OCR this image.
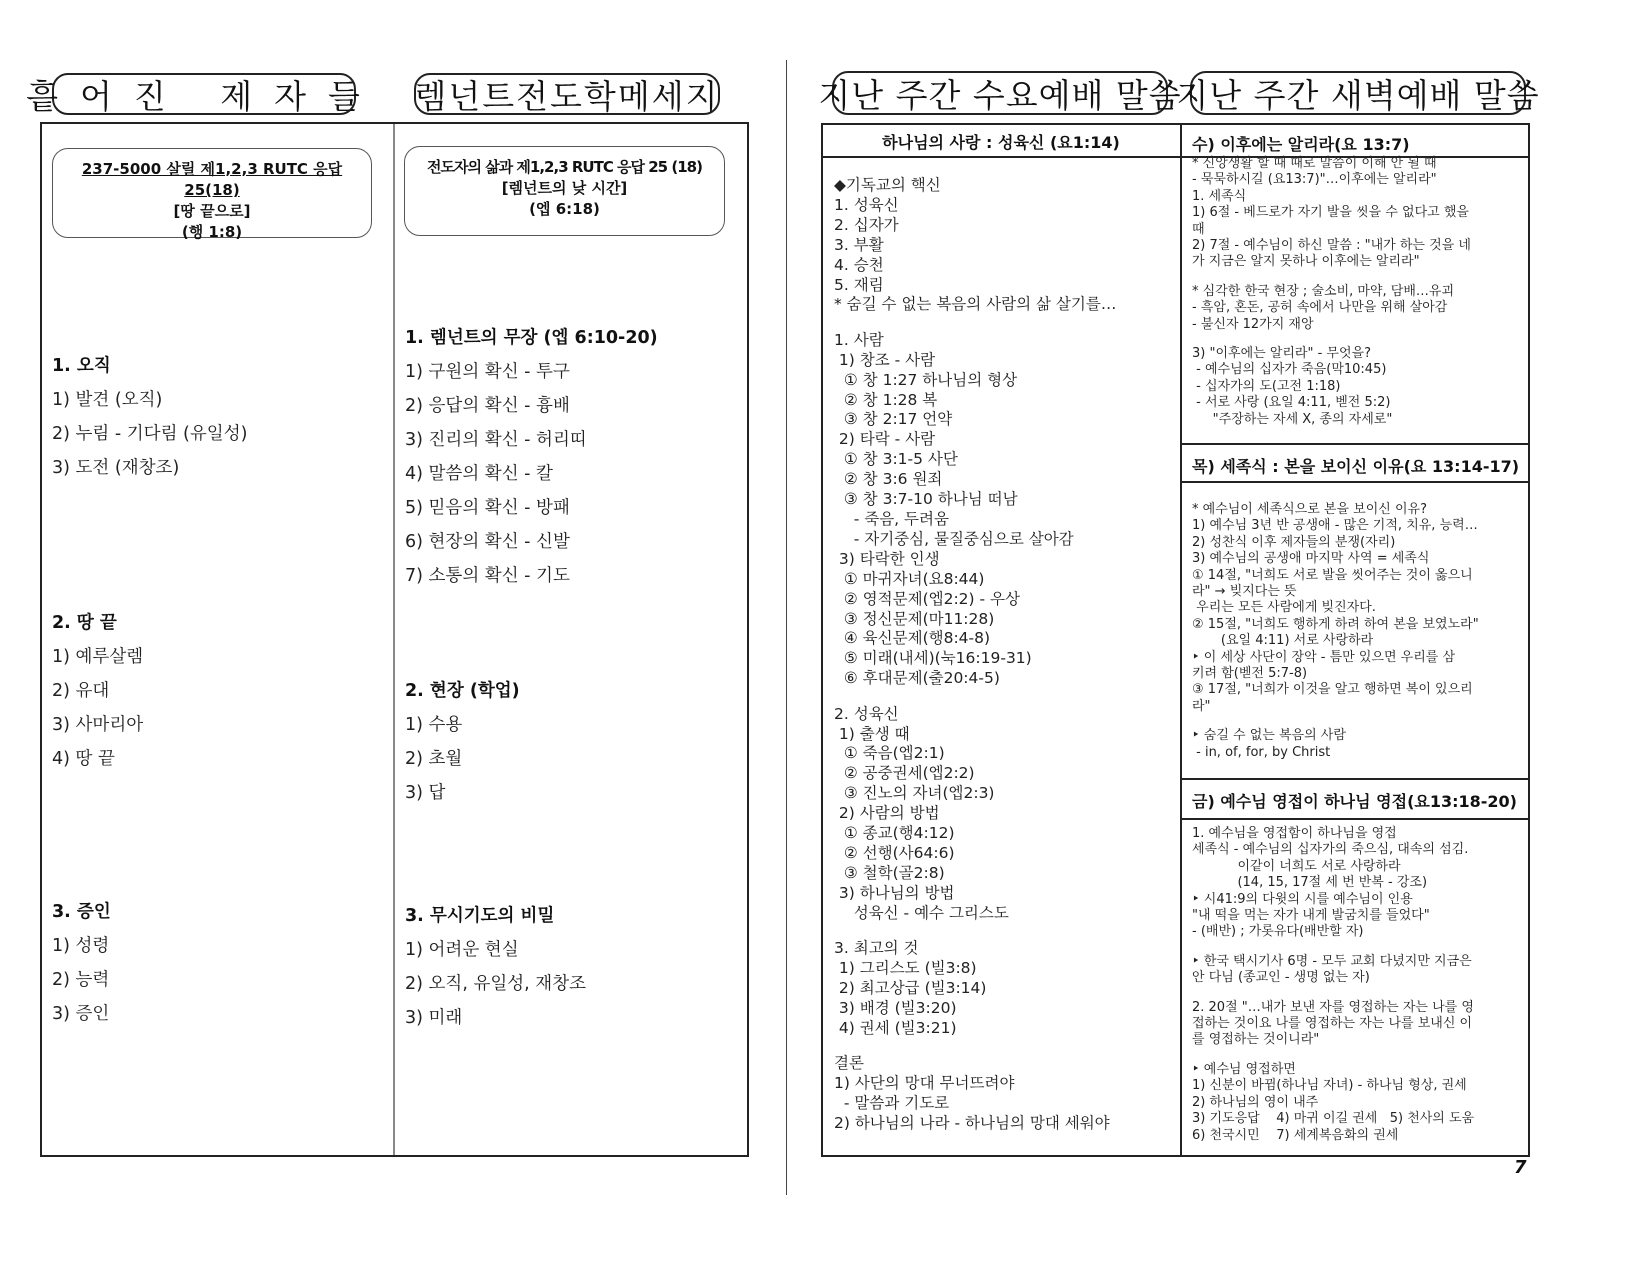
흩어진 제자들 렘넌트전도학메세지
237-5000 살릴 제1,2,3 RUTC 응답 25(18)
[땅 끝으로]
(행 1:8)
1. 오직
1) 발견 (오직)
2) 누림 - 기다림 (유일성)
3) 도전 (재창조)
2. 땅 끝
1) 예루살렘
2) 유대
3) 사마리아
4) 땅 끝
3. 증인
1) 성령
2) 능력
3) 증인
전도자의 삶과 제1,2,3 RUTC 응답 25 (18)
[렘넌트의 낮 시간]
(엡 6:18)
1. 렘넌트의 무장 (엡 6:10-20)
1) 구원의 확신 - 투구
2) 응답의 확신 - 흉배
3) 진리의 확신 - 허리띠
4) 말씀의 확신 - 칼
5) 믿음의 확신 - 방패
6) 현장의 확신 - 신발
7) 소통의 확신 - 기도
2. 현장 (학업)
1) 수용
2) 초월
3) 답
3. 무시기도의 비밀
1) 어려운 현실
2) 오직, 유일성, 재창조
3) 미래
지난 주간 수요예배 말씀
지난 주간 새벽예배 말씀
하나님의 사랑 : 성육신 (요1:14)
◆기독교의 핵신
1. 성육신
2. 십자가
3. 부활
4. 승천
5. 재림
* 숨길 수 없는 복음의 사람의 삶 살기를…
1. 사람
1) 창조 - 사람
① 창 1:27 하나님의 형상
② 창 1:28 복
③ 창 2:17 언약
2) 타락 - 사람
① 창 3:1-5 사단
② 창 3:6 원죄
③ 창 3:7-10 하나님 떠남
- 죽음, 두려움
- 자기중심, 물질중심으로 살아감
3) 타락한 인생
① 마귀자녀(요8:44)
② 영적문제(엡2:2) - 우상
③ 정신문제(마11:28)
④ 육신문제(행8:4-8)
⑤ 미래(내세)(눅16:19-31)
⑥ 후대문제(출20:4-5)
2. 성육신
1) 출생 때
① 죽음(엡2:1)
② 공중권세(엡2:2)
③ 진노의 자녀(엡2:3)
2) 사람의 방법
① 종교(행4:12)
② 선행(사64:6)
③ 철학(골2:8)
3) 하나님의 방법
성육신 - 예수 그리스도
3. 최고의 것
1) 그리스도 (빌3:8)
2) 최고상급 (빌3:14)
3) 배경 (빌3:20)
4) 권세 (빌3:21)
결론
1) 사단의 망대 무너뜨려야
- 말씀과 기도로
2) 하나님의 나라 - 하나님의 망대 세워야
수) 이후에는 알리라(요 13:7)
* 신앙생활 할 때 때로 말씀이 이해 안 될 때
- 묵묵하시길 (요13:7)"…이후에는 알리라"
1. 세족식
1) 6절 - 베드로가 자기 발을 씻을 수 없다고 했을
때
2) 7절 - 예수님이 하신 말씀 : "내가 하는 것을 네
가 지금은 알지 못하나 이후에는 알리라"
* 심각한 한국 현장 ; 술소비, 마약, 담배…유괴
- 흑암, 혼돈, 공허 속에서 나만을 위해 살아감
- 불신자 12가지 재앙
3) "이후에는 알리라" - 무엇을?
- 예수님의 십자가 죽음(막10:45)
- 십자가의 도(고전 1:18)
- 서로 사랑 (요일 4:11, 벧전 5:2)
"주장하는 자세 X, 종의 자세로"
목) 세족식 : 본을 보이신 이유(요 13:14-17)
* 예수님이 세족식으로 본을 보이신 이유?
1) 예수님 3년 반 공생애 - 많은 기적, 치유, 능력…
2) 성찬식 이후 제자들의 분쟁(자리)
3) 예수님의 공생애 마지막 사역 = 세족식
① 14절, "너희도 서로 발을 씻어주는 것이 옳으니
라" → 빚지다는 뜻
우리는 모든 사람에게 빚진자다.
② 15절, "너희도 행하게 하려 하여 본을 보였노라"
(요일 4:11) 서로 사랑하라
‣ 이 세상 사단이 장악 - 틈만 있으면 우리를 삼
키려 함(벧전 5:7-8)
③ 17절, "너희가 이것을 알고 행하면 복이 있으리
라"
‣ 숨길 수 없는 복음의 사람
- in, of, for, by Christ
금) 예수님 영접이 하나님 영접(요13:18-20)
1. 예수님을 영접함이 하나님을 영접
세족식 - 예수님의 십자가의 죽으심, 대속의 섬김.
이같이 너희도 서로 사랑하라
(14, 15, 17절 세 번 반복 - 강조)
‣ 시41:9의 다윗의 시를 예수님이 인용
"내 떡을 먹는 자가 내게 발굼치를 들었다"
- (배반) ; 가롯유다(배반할 자)
‣ 한국 택시기사 6명 - 모두 교회 다녔지만 지금은
안 다님 (종교인 - 생명 없는 자)
2. 20절 "…내가 보낸 자를 영접하는 자는 나를 영
접하는 것이요 나를 영접하는 자는 나를 보내신 이
를 영접하는 것이니라"
‣ 예수님 영접하면
1) 신분이 바뀜(하나님 자녀) - 하나님 형상, 권세
2) 하나님의 영이 내주
3) 기도응답    4) 마귀 이길 권세   5) 천사의 도움
6) 천국시민    7) 세계복음화의 권세
7
